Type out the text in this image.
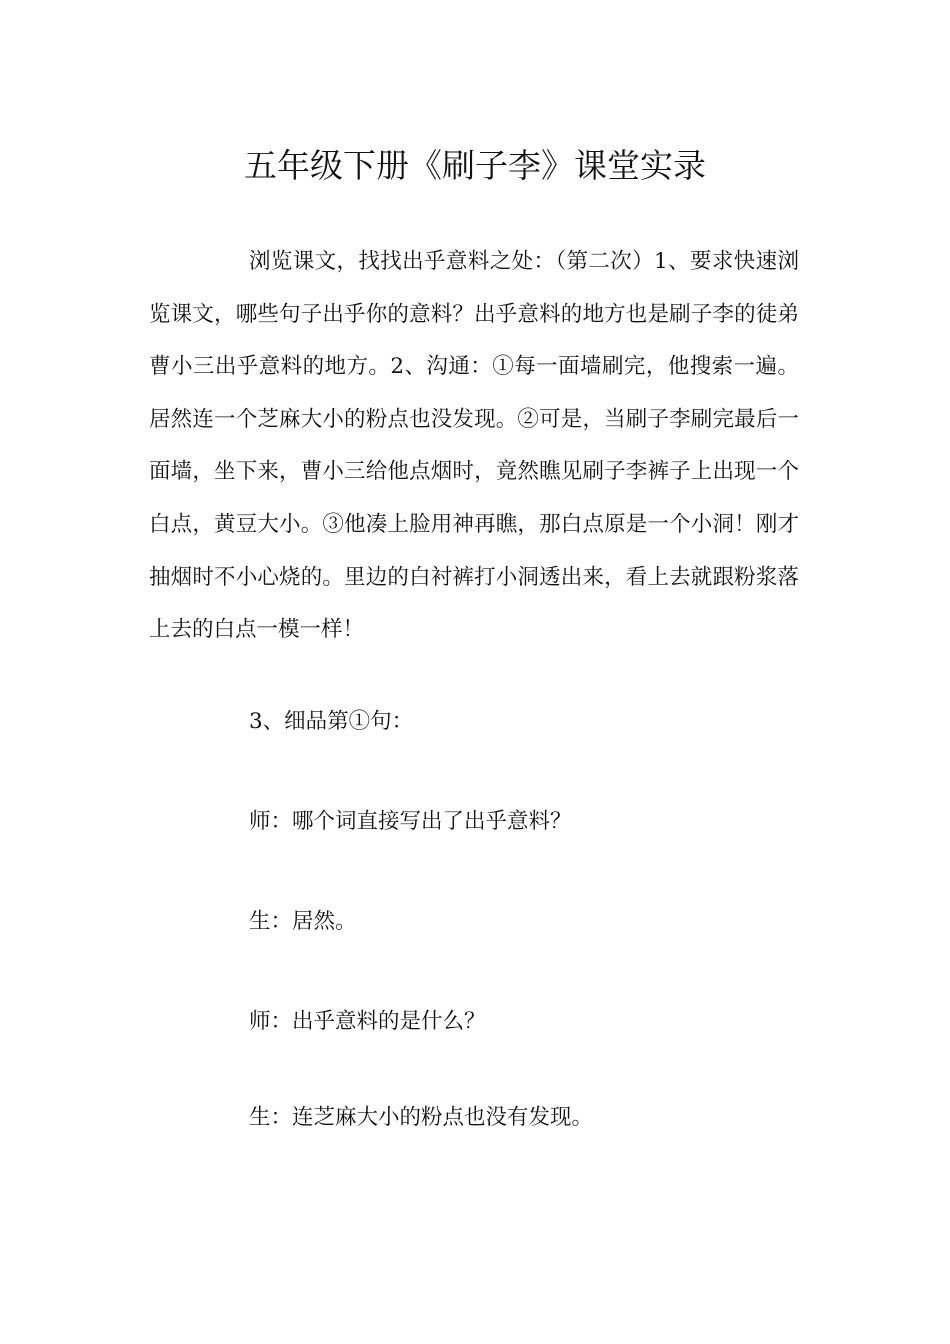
五年级下册《刷子李》课堂实录

浏览课文，找找出乎意料之处：（第二次）1、要求快速浏览课文，哪些句子出乎你的意料？出乎意料的地方也是刷子李的徒弟曹小三出乎意料的地方。2、沟通：①每一面墙刷完，他搜索一遍。居然连一个芝麻大小的粉点也没发现。②可是，当刷子李刷完最后一面墙，坐下来，曹小三给他点烟时，竟然瞧见刷子李裤子上出现一个白点，黄豆大小。③他凑上脸用神再瞧，那白点原是一个小洞！刚才抽烟时不小心烧的。里边的白衬裤打小洞透出来，看上去就跟粉浆落上去的白点一模一样！

3、细品第①句：

师：哪个词直接写出了出乎意料？

生：居然。

师：出乎意料的是什么？

生：连芝麻大小的粉点也没有发现。
